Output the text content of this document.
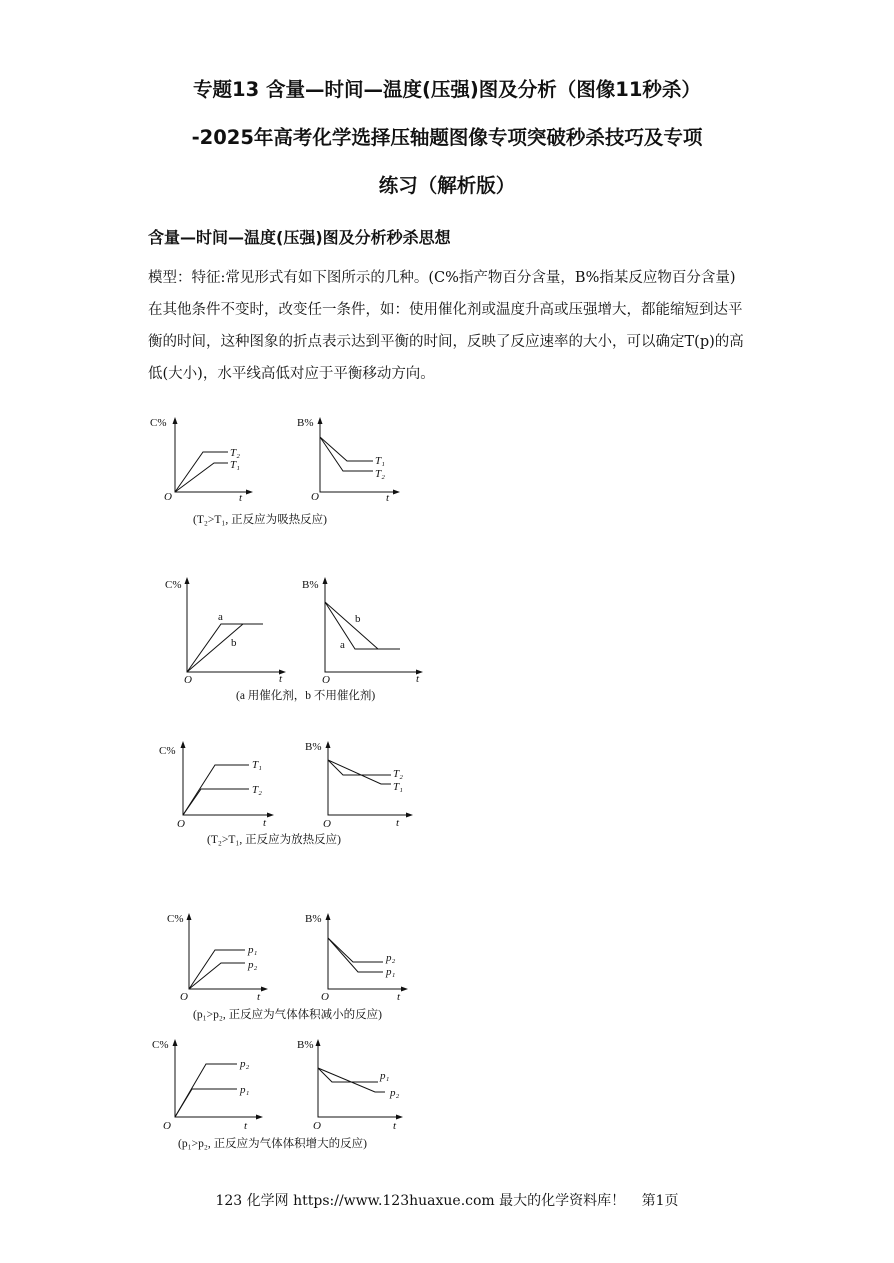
专题13 含量—时间—温度(压强)图及分析（图像11秒杀）
-2025年高考化学选择压轴题图像专项突破秒杀技巧及专项
练习（解析版）
含量—时间—温度(压强)图及分析秒杀思想
模型：特征:常见形式有如下图所示的几种。(C%指产物百分含量，B%指某反应物百分含量)在其他条件不变时，改变任一条件，如：使用催化剂或温度升高或压强增大，都能缩短到达平衡的时间，这种图象的折点表示达到平衡的时间，反映了反应速率的大小，可以确定T(p)的高低(大小)，水平线高低对应于平衡移动方向。
C%
O	t
T₂
T₁
B%
O	t
T₁
T₂
(T₂>T₁, 正反应为吸热反应)
C%
O	t
a
b
B%
O	t
b
a
(a 用催化剂，b 不用催化剂)
C%
O	t
T₁
T₂
B%
O	t
T₂
T₁
(T₂>T₁, 正反应为放热反应)
C%
O	t
p₁
p₂
B%
O	t
p₂
p₁
(p₁>p₂, 正反应为气体体积减小的反应)
C%
O	t
p₂
p₁
B%
O	t
p₁
p₂
(p₁>p₂, 正反应为气体体积增大的反应)
123 化学网 https://www.123huaxue.com 最大的化学资料库！ 第1页
